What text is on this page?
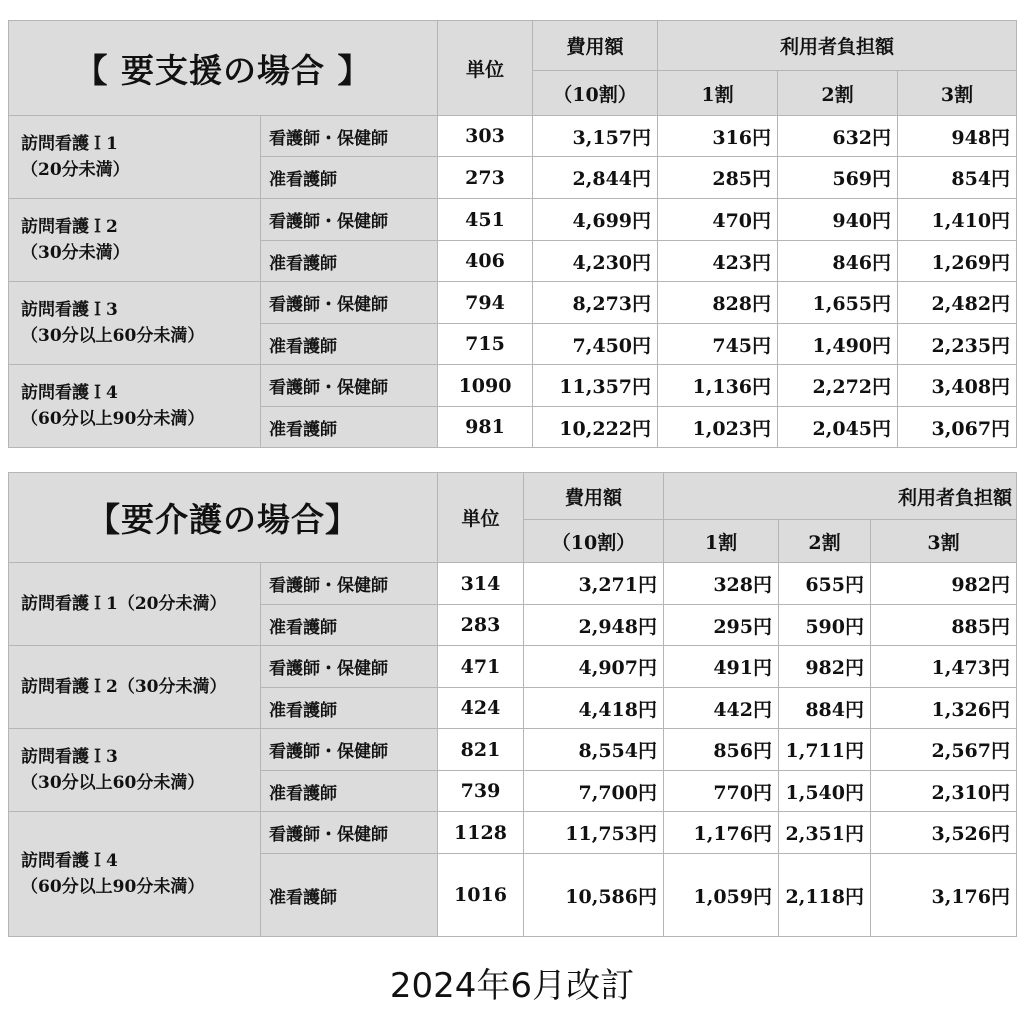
【 要支援の場合 】		単位	費用額	利用者負担額		
			（10割）	1割	2割	3割
訪問看護Ｉ1
（20分未満）	看護師・保健師	303	3,157円	316円	632円	948円
	准看護師	273	2,844円	285円	569円	854円
訪問看護Ｉ2
（30分未満）	看護師・保健師	451	4,699円	470円	940円	1,410円
	准看護師	406	4,230円	423円	846円	1,269円
訪問看護Ｉ3
（30分以上60分未満）	看護師・保健師	794	8,273円	828円	1,655円	2,482円
	准看護師	715	7,450円	745円	1,490円	2,235円
訪問看護Ｉ4
（60分以上90分未満）	看護師・保健師	1090	11,357円	1,136円	2,272円	3,408円
	准看護師	981	10,222円	1,023円	2,045円	3,067円
【要介護の場合】		単位	費用額	利用者負担額		
			（10割）	1割	2割	3割
訪問看護Ｉ1（20分未満）	看護師・保健師	314	3,271円	328円	655円	982円
	准看護師	283	2,948円	295円	590円	885円
訪問看護Ｉ2（30分未満）	看護師・保健師	471	4,907円	491円	982円	1,473円
	准看護師	424	4,418円	442円	884円	1,326円
訪問看護Ｉ3
（30分以上60分未満）	看護師・保健師	821	8,554円	856円	1,711円	2,567円
	准看護師	739	7,700円	770円	1,540円	2,310円
訪問看護Ｉ4
（60分以上90分未満）	看護師・保健師	1128	11,753円	1,176円	2,351円	3,526円
	准看護師	1016	10,586円	1,059円	2,118円	3,176円
2024年6月改訂
